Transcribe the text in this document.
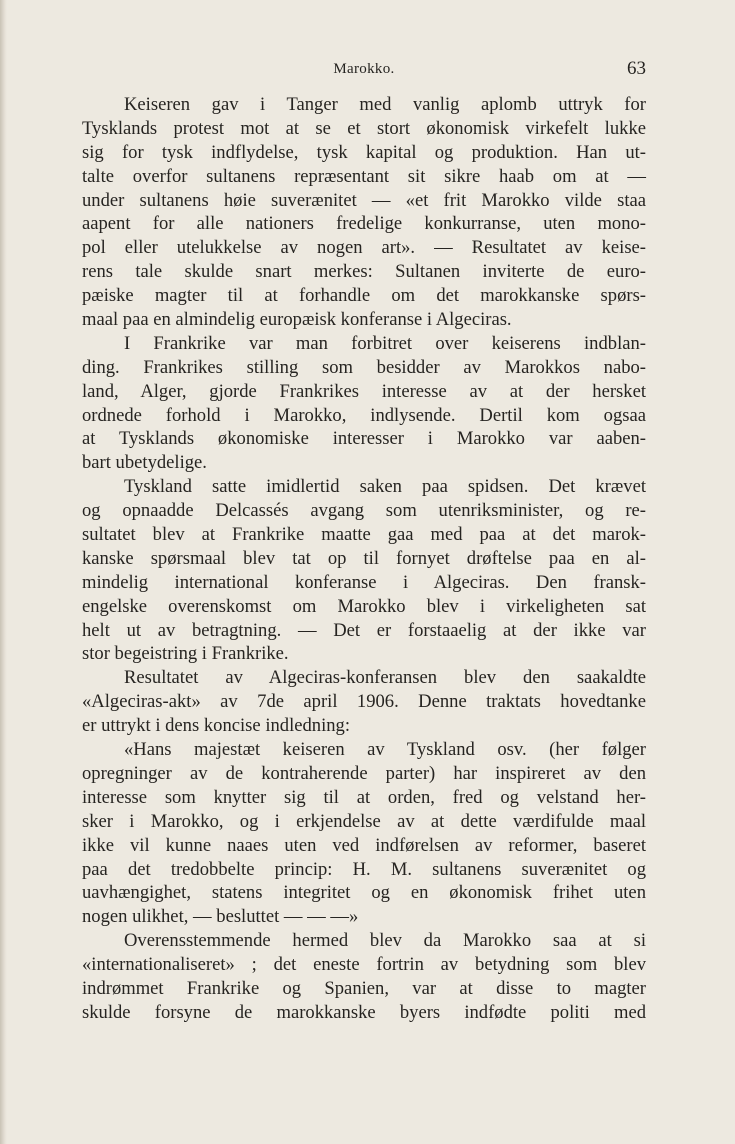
Marokko.	63
Keiseren gav i Tanger med vanlig aplomb uttryk for
Tysklands protest mot at se et stort økonomisk virkefelt lukke
sig for tysk indflydelse, tysk kapital og produktion. Han ut-
talte overfor sultanens repræsentant sit sikre haab om at —
under sultanens høie suverænitet — «et frit Marokko vilde staa
aapent for alle nationers fredelige konkurranse, uten mono-
pol eller utelukkelse av nogen art». — Resultatet av keise-
rens tale skulde snart merkes: Sultanen inviterte de euro-
pæiske magter til at forhandle om det marokkanske spørs-
maal paa en almindelig europæisk konferanse i Algeciras.
I Frankrike var man forbitret over keiserens indblan-
ding. Frankrikes stilling som besidder av Marokkos nabo-
land, Alger, gjorde Frankrikes interesse av at der hersket
ordnede forhold i Marokko, indlysende. Dertil kom ogsaa
at Tysklands økonomiske interesser i Marokko var aaben-
bart ubetydelige.
Tyskland satte imidlertid saken paa spidsen. Det krævet
og opnaadde Delcassés avgang som utenriksminister, og re-
sultatet blev at Frankrike maatte gaa med paa at det marok-
kanske spørsmaal blev tat op til fornyet drøftelse paa en al-
mindelig international konferanse i Algeciras. Den fransk-
engelske overenskomst om Marokko blev i virkeligheten sat
helt ut av betragtning. — Det er forstaaelig at der ikke var
stor begeistring i Frankrike.
Resultatet av Algeciras-konferansen blev den saakaldte
«Algeciras-akt» av 7de april 1906. Denne traktats hovedtanke
er uttrykt i dens koncise indledning:
«Hans majestæt keiseren av Tyskland osv. (her følger
opregninger av de kontraherende parter) har inspireret av den
interesse som knytter sig til at orden, fred og velstand her-
sker i Marokko, og i erkjendelse av at dette værdifulde maal
ikke vil kunne naaes uten ved indførelsen av reformer, baseret
paa det tredobbelte princip: H. M. sultanens suverænitet og
uavhængighet, statens integritet og en økonomisk frihet uten
nogen ulikhet, — besluttet — — —»
Overensstemmende hermed blev da Marokko saa at si
«internationaliseret» ; det eneste fortrin av betydning som blev
indrømmet Frankrike og Spanien, var at disse to magter
skulde forsyne de marokkanske byers indfødte politi med
